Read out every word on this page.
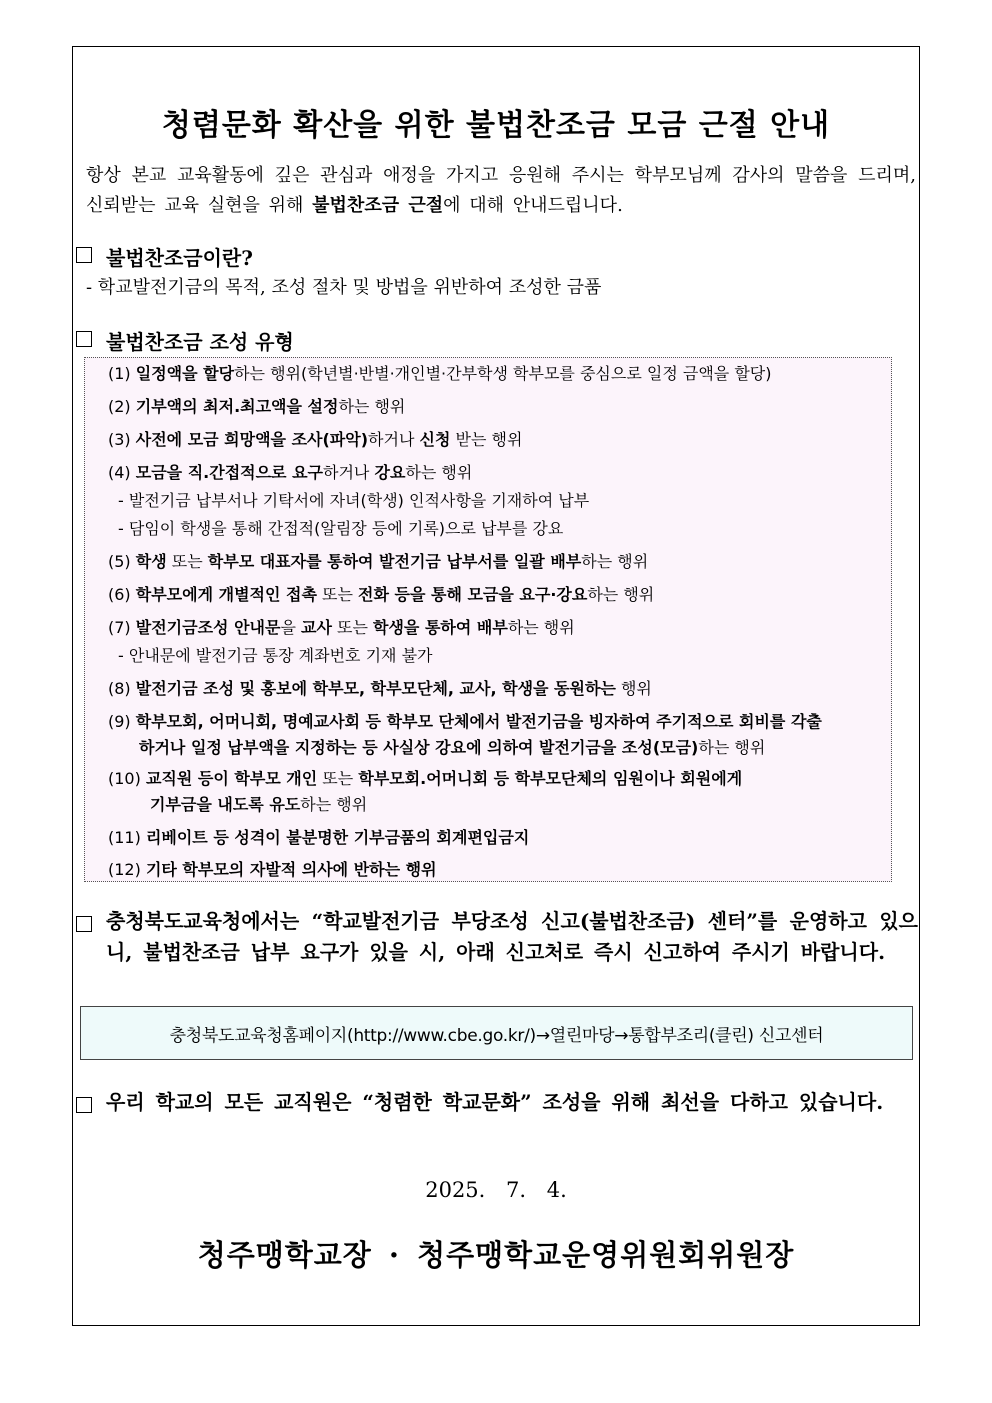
청렴문화 확산을 위한 불법찬조금 모금 근절 안내
항상 본교 교육활동에 깊은 관심과 애정을 가지고 응원해 주시는 학부모님께 감사의 말씀을 드리며, 신뢰받는 교육 실현을 위해 불법찬조금 근절에 대해 안내드립니다.
불법찬조금이란?
- 학교발전기금의 목적, 조성 절차 및 방법을 위반하여 조성한 금품
불법찬조금 조성 유형
(1) 일정액을 할당하는 행위(학년별·반별·개인별·간부학생 학부모를 중심으로 일정 금액을 할당)
(2) 기부액의 최저.최고액을 설정하는 행위
(3) 사전에 모금 희망액을 조사(파악)하거나 신청 받는 행위
(4) 모금을 직.간접적으로 요구하거나 강요하는 행위
- 발전기금 납부서나 기탁서에 자녀(학생) 인적사항을 기재하여 납부
- 담임이 학생을 통해 간접적(알림장 등에 기록)으로 납부를 강요
(5) 학생 또는 학부모 대표자를 통하여 발전기금 납부서를 일괄 배부하는 행위
(6) 학부모에게 개별적인 접촉 또는 전화 등을 통해 모금을 요구·강요하는 행위
(7) 발전기금조성 안내문을 교사 또는 학생을 통하여 배부하는 행위
- 안내문에 발전기금 통장 계좌번호 기재 불가
(8) 발전기금 조성 및 홍보에 학부모, 학부모단체, 교사, 학생을 동원하는 행위
(9) 학부모회, 어머니회, 명예교사회 등 학부모 단체에서 발전기금을 빙자하여 주기적으로 회비를 각출
하거나 일정 납부액을 지정하는 등 사실상 강요에 의하여 발전기금을 조성(모금)하는 행위
(10) 교직원 등이 학부모 개인 또는 학부모회.어머니회 등 학부모단체의 임원이나 회원에게
기부금을 내도록 유도하는 행위
(11) 리베이트 등 성격이 불분명한 기부금품의 회계편입금지
(12) 기타 학부모의 자발적 의사에 반하는 행위
충청북도교육청에서는 “학교발전기금 부당조성 신고(불법찬조금) 센터”를 운영하고 있으니, 불법찬조금 납부 요구가 있을 시, 아래 신고처로 즉시 신고하여 주시기 바랍니다.
충청북도교육청홈페이지(http://www.cbe.go.kr/)→열린마당→통합부조리(클린) 신고센터
우리 학교의 모든 교직원은 “청렴한 학교문화” 조성을 위해 최선을 다하고 있습니다.
2025. 7. 4.
청주맹학교장 · 청주맹학교운영위원회위원장
